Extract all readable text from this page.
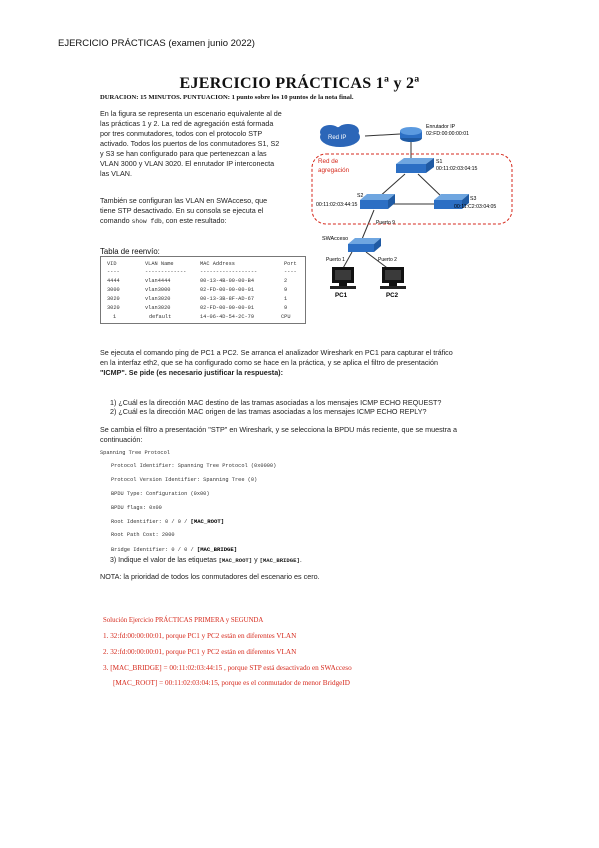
EJERCICIO PRÁCTICAS (examen junio 2022)
EJERCICIO PRÁCTICAS 1ª y 2ª
DURACION: 15 MINUTOS. PUNTUACION: 1 punto sobre los 10 puntos de la nota final.
En la figura se representa un escenario equivalente al de
las prácticas 1 y 2. La red de agregación está formada
por tres conmutadores, todos con el protocolo STP
activado. Todos los puertos de los conmutadores S1, S2
y S3 se han configurado para que pertenezcan a las
VLAN 3000 y VLAN 3020. El enrutador IP interconecta
las VLAN.
También se configuran las VLAN en SWAcceso, que
tiene STP desactivado. En su consola se ejecuta el
comando show fdb, con este resultado:
Tabla de reenvío:
VID	VLAN Name	MAC Address	Port
----	-------------	------------------	----
4444	vlan4444	00-13-4B-00-00-B4	2
3000	vlan3000	02-FD-00-00-00-01	9
3020	vlan3020	00-13-3B-8F-AD-67	1
3020	vlan3020	02-FD-00-00-00-01	9
1	default	14-06-4D-54-2C-79	CPU
Red de
agregación
Red IP
Enrutador IP
02:FD:00:00:00:01
S1
00:11:02:03:04:15
S2
00:11:02:03:44:15
S3
00:11:C2:03:04:05
Puerto 9
SWAcceso
Puerto 1	Puerto 2
PC1	PC2
Se ejecuta el comando ping de PC1 a PC2. Se arranca el analizador Wireshark en PC1 para capturar el tráfico
en la interfaz eth2, que se ha configurado como se hace en la práctica, y se aplica el filtro de presentación
"ICMP". Se pide (es necesario justificar la respuesta):
1) ¿Cuál es la dirección MAC destino de las tramas asociadas a los mensajes ICMP ECHO REQUEST?
2) ¿Cuál es la dirección MAC origen de las tramas asociadas a los mensajes ICMP ECHO REPLY?
Se cambia el filtro a presentación "STP" en Wireshark, y se selecciona la BPDU más reciente, que se muestra a
continuación:
Spanning Tree Protocol
Protocol Identifier: Spanning Tree Protocol (0x0000)
Protocol Version Identifier: Spanning Tree (0)
BPDU Type: Configuration (0x00)
BPDU flags: 0x00
Root Identifier: 0 / 0 / [MAC_ROOT]
Root Path Cost: 2000
Bridge Identifier: 0 / 0 / [MAC_BRIDGE]
3) Indique el valor de las etiquetas [MAC_ROOT] y [MAC_BRIDGE].
NOTA: la prioridad de todos los conmutadores del escenario es cero.
Solución Ejercicio PRÁCTICAS PRIMERA y SEGUNDA
1. 32:fd:00:00:00:01, porque PC1 y PC2 están en diferentes VLAN
2. 32:fd:00:00:00:01, porque PC1 y PC2 están en diferentes VLAN
3. [MAC_BRIDGE] = 00:11:02:03:44:15 , porque STP está desactivado en SWAcceso
[MAC_ROOT] = 00:11:02:03:04:15, porque es el conmutador de menor BridgeID
